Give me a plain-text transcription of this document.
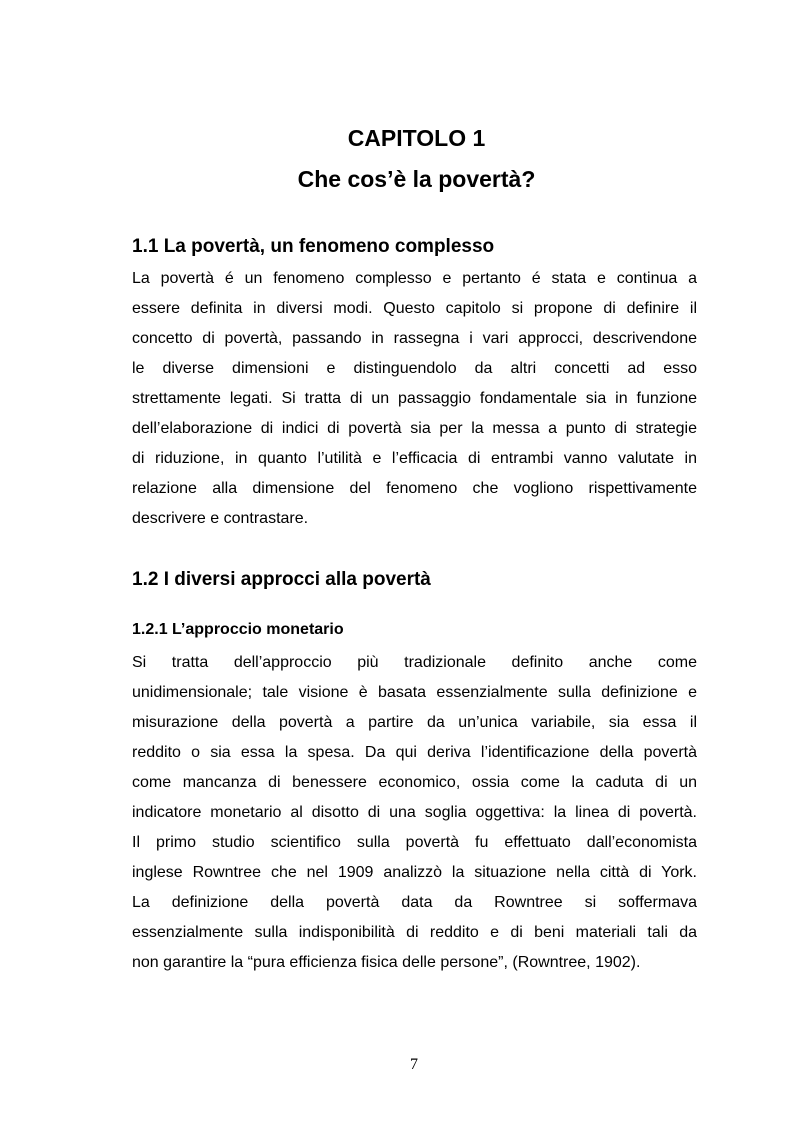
CAPITOLO 1
Che cos’è la povertà?
1.1 La povertà, un fenomeno complesso
La povertà é un fenomeno complesso e pertanto é stata e continua a
essere definita in diversi modi. Questo capitolo si propone di definire il
concetto di povertà, passando in rassegna i vari approcci, descrivendone
le diverse dimensioni e distinguendolo da altri concetti ad esso
strettamente legati. Si tratta di un passaggio fondamentale sia in funzione
dell’elaborazione di indici di povertà sia per la messa a punto di strategie
di riduzione, in quanto l’utilità e l’efficacia di entrambi vanno valutate in
relazione alla dimensione del fenomeno che vogliono rispettivamente
descrivere e contrastare.
1.2 I diversi approcci alla povertà
1.2.1 L’approccio monetario
Si tratta dell’approccio più tradizionale definito anche come
unidimensionale; tale visione è basata essenzialmente sulla definizione e
misurazione della povertà a partire da un’unica variabile, sia essa il
reddito o sia essa la spesa. Da qui deriva l’identificazione della povertà
come mancanza di benessere economico, ossia come la caduta di un
indicatore monetario al disotto di una soglia oggettiva: la linea di povertà.
Il primo studio scientifico sulla povertà fu effettuato dall’economista
inglese Rowntree che nel 1909 analizzò la situazione nella città di York.
La definizione della povertà data da Rowntree si soffermava
essenzialmente sulla indisponibilità di reddito e di beni materiali tali da
non garantire la “pura efficienza fisica delle persone”, (Rowntree, 1902).
7
